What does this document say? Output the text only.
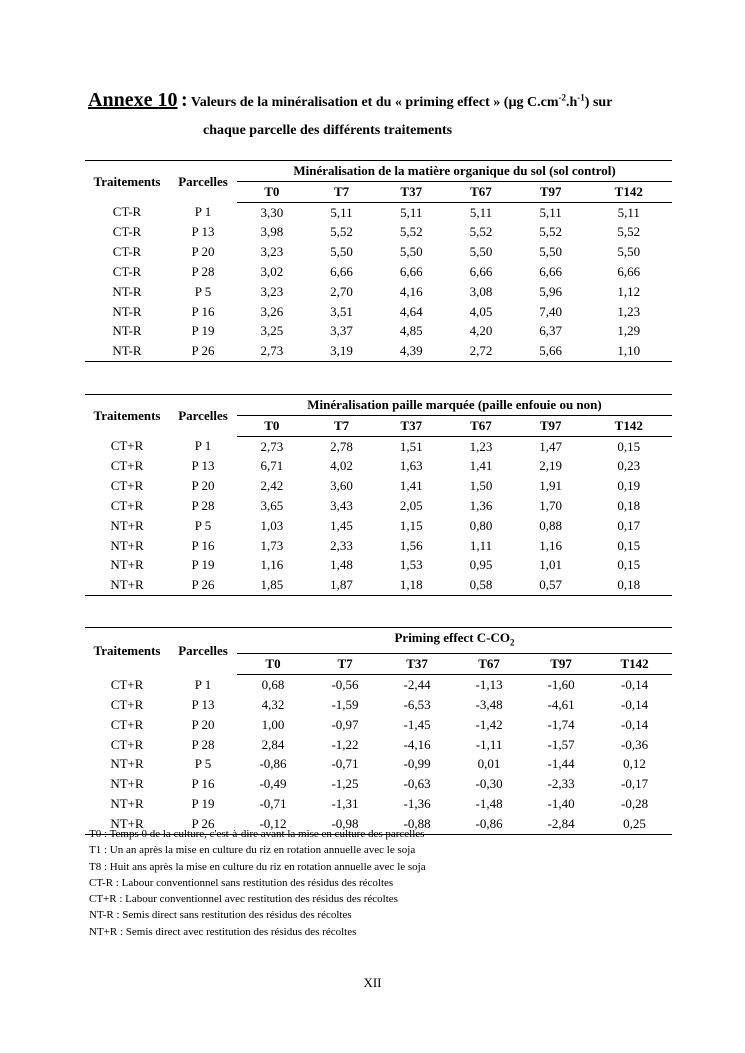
Annexe 10 : Valeurs de la minéralisation et du « priming effect » (µg $C.cm^{-2}.h^{-1}$) sur
chaque parcelle des différents traitements
Traitements	Parcelles	Minéralisation de la matière organique du sol (sol control)					
		T0	T7	T37	T67	T97	T142
CT-R	P 1	3,30	5,11	5,11	5,11	5,11	5,11
CT-R	P 13	3,98	5,52	5,52	5,52	5,52	5,52
CT-R	P 20	3,23	5,50	5,50	5,50	5,50	5,50
CT-R	P 28	3,02	6,66	6,66	6,66	6,66	6,66
NT-R	P 5	3,23	2,70	4,16	3,08	5,96	1,12
NT-R	P 16	3,26	3,51	4,64	4,05	7,40	1,23
NT-R	P 19	3,25	3,37	4,85	4,20	6,37	1,29
NT-R	P 26	2,73	3,19	4,39	2,72	5,66	1,10
Traitements	Parcelles	Minéralisation paille marquée (paille enfouie ou non)					
		T0	T7	T37	T67	T97	T142
CT+R	P 1	2,73	2,78	1,51	1,23	1,47	0,15
CT+R	P 13	6,71	4,02	1,63	1,41	2,19	0,23
CT+R	P 20	2,42	3,60	1,41	1,50	1,91	0,19
CT+R	P 28	3,65	3,43	2,05	1,36	1,70	0,18
NT+R	P 5	1,03	1,45	1,15	0,80	0,88	0,17
NT+R	P 16	1,73	2,33	1,56	1,11	1,16	0,15
NT+R	P 19	1,16	1,48	1,53	0,95	1,01	0,15
NT+R	P 26	1,85	1,87	1,18	0,58	0,57	0,18
Traitements	Parcelles	Priming effect $C-CO_2$
		T0	T7	T37	T67	T97	T142
CT+R	P 1	0,68	-0,56	-2,44	-1,13	-1,60	-0,14
CT+R	P 13	4,32	-1,59	-6,53	-3,48	-4,61	-0,14
CT+R	P 20	1,00	-0,97	-1,45	-1,42	-1,74	-0,14
CT+R	P 28	2,84	-1,22	-4,16	-1,11	-1,57	-0,36
NT+R	P 5	-0,86	-0,71	-0,99	0,01	-1,44	0,12
NT+R	P 16	-0,49	-1,25	-0,63	-0,30	-2,33	-0,17
NT+R	P 19	-0,71	-1,31	-1,36	-1,48	-1,40	-0,28
NT+R	P 26	-0,12	-0,98	-0,88	-0,86	-2,84	0,25
T0 : Temps 0 de la culture, c'est-à-dire avant la mise en culture des parcelles
T1 : Un an après la mise en culture du riz en rotation annuelle avec le soja
T8 : Huit ans après la mise en culture du riz en rotation annuelle avec le soja
CT-R : Labour conventionnel sans restitution des résidus des récoltes
CT+R : Labour conventionnel avec restitution des résidus des récoltes
NT-R : Semis direct sans restitution des résidus des récoltes
NT+R : Semis direct avec restitution des résidus des récoltes
XII
